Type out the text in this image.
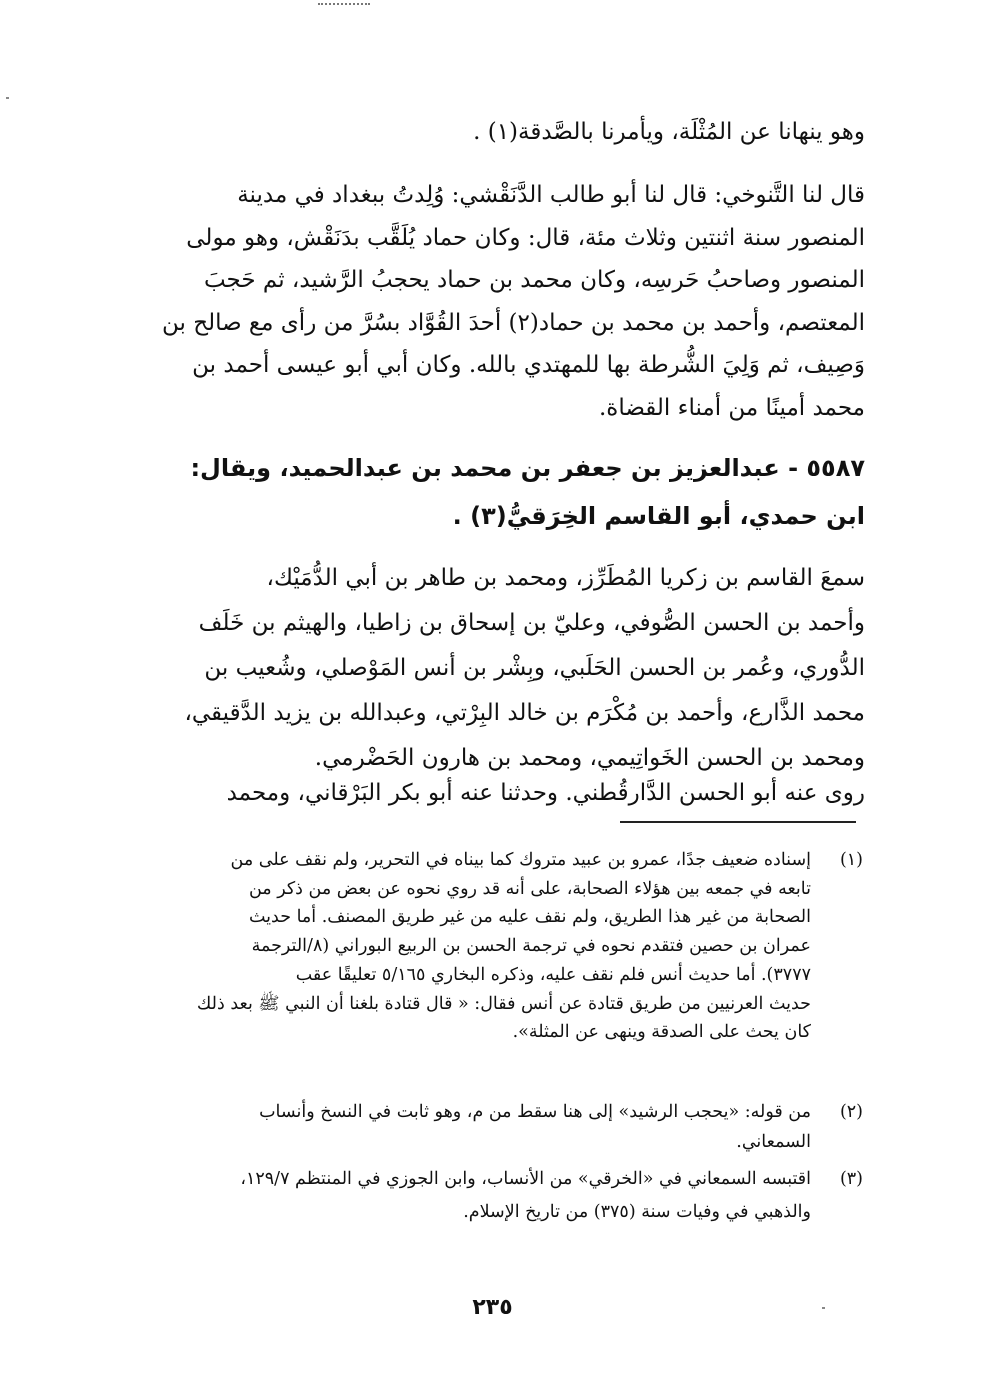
وهو ينهانا عن المُثْلَة، ويأمرنا بالصَّدقة(١) .
قال لنا التَّنوخي: قال لنا أبو طالب الدَّنَقْشي: وُلِدتُ ببغداد في مدينة
المنصور سنة اثنتين وثلاث مئة، قال: وكان حماد يُلَقَّب بدَنَقْش، وهو مولى
المنصور وصاحبُ حَرسِه، وكان محمد بن حماد يحجبُ الرَّشيد، ثم حَجبَ
المعتصم، وأحمد بن محمد بن حماد(٢) أحدَ القُوَّاد بسُرَّ من رأى مع صالح بن
وَصِيف، ثم وَلِيَ الشُّرطة بها للمهتدي بالله. وكان أبي أبو عيسى أحمد بن
محمد أمينًا من أمناء القضاة.
٥٥٨٧ - عبدالعزيز بن جعفر بن محمد بن عبدالحميد، ويقال:
ابن حمدي، أبو القاسم الخِرَقيُّ(٣) .
سمعَ القاسم بن زكريا المُطَرِّز، ومحمد بن طاهر بن أبي الدُّمَيْك،
وأحمد بن الحسن الصُّوفي، وعليّ بن إسحاق بن زاطيا، والهيثم بن خَلَف
الدُّوري، وعُمر بن الحسن الحَلَبي، وبِشْر بن أنس المَوْصلي، وشُعيب بن
محمد الذَّارع، وأحمد بن مُكْرَم بن خالد البِرْتي، وعبدالله بن يزيد الدَّقيقي،
ومحمد بن الحسن الخَواتِيمي، ومحمد بن هارون الحَضْرمي.
روى عنه أبو الحسن الدَّارقُطني. وحدثنا عنه أبو بكر البَرْقاني، ومحمد
(١)
إسناده ضعيف جدًا، عمرو بن عبيد متروك كما بيناه في التحرير، ولم نقف على من
تابعه في جمعه بين هؤلاء الصحابة، على أنه قد روي نحوه عن بعض من ذكر من
الصحابة من غير هذا الطريق، ولم نقف عليه من غير طريق المصنف. أما حديث
عمران بن حصين فتقدم نحوه في ترجمة الحسن بن الربيع البوراني (٨/الترجمة
٣٧٧٧). أما حديث أنس فلم نقف عليه، وذكره البخاري ٥/١٦٥ تعليقًا عقب
حديث العرنيين من طريق قتادة عن أنس فقال: « قال قتادة بلغنا أن النبي ﷺ بعد ذلك
كان يحث على الصدقة وينهى عن المثلة».
(٢)
من قوله: «يحجب الرشيد» إلى هنا سقط من م، وهو ثابت في النسخ وأنساب
السمعاني.
(٣)
اقتبسه السمعاني في «الخرقي» من الأنساب، وابن الجوزي في المنتظم ١٢٩/٧،
والذهبي في وفيات سنة (٣٧٥) من تاريخ الإسلام.
٢٣٥
